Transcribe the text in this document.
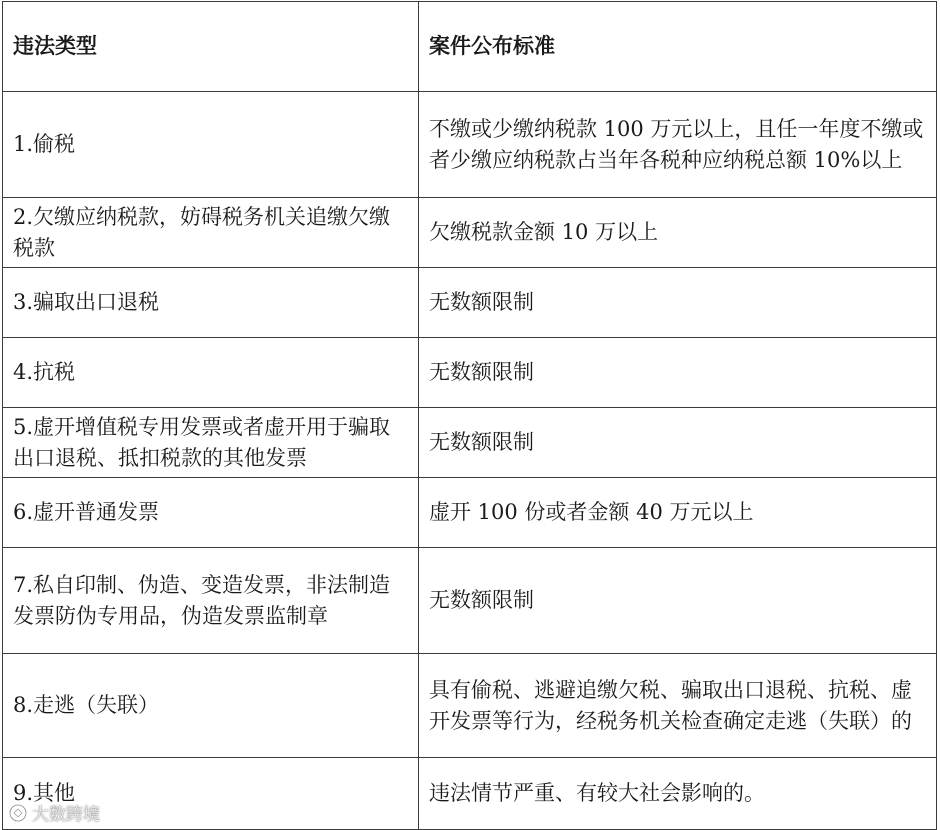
违法类型	案件公布标准
1.偷税	不缴或少缴纳税款 100 万元以上，且任一年度不缴或者少缴应纳税款占当年各税种应纳税总额 10%以上
2.欠缴应纳税款，妨碍税务机关追缴欠缴税款	欠缴税款金额 10 万以上
3.骗取出口退税	无数额限制
4.抗税	无数额限制
5.虚开增值税专用发票或者虚开用于骗取出口退税、抵扣税款的其他发票	无数额限制
6.虚开普通发票	虚开 100 份或者金额 40 万元以上
7.私自印制、伪造、变造发票，非法制造发票防伪专用品，伪造发票监制章	无数额限制
8.走逃（失联）	具有偷税、逃避追缴欠税、骗取出口退税、抗税、虚开发票等行为，经税务机关检查确定走逃（失联）的
9.其他	违法情节严重、有较大社会影响的。
大数跨境
